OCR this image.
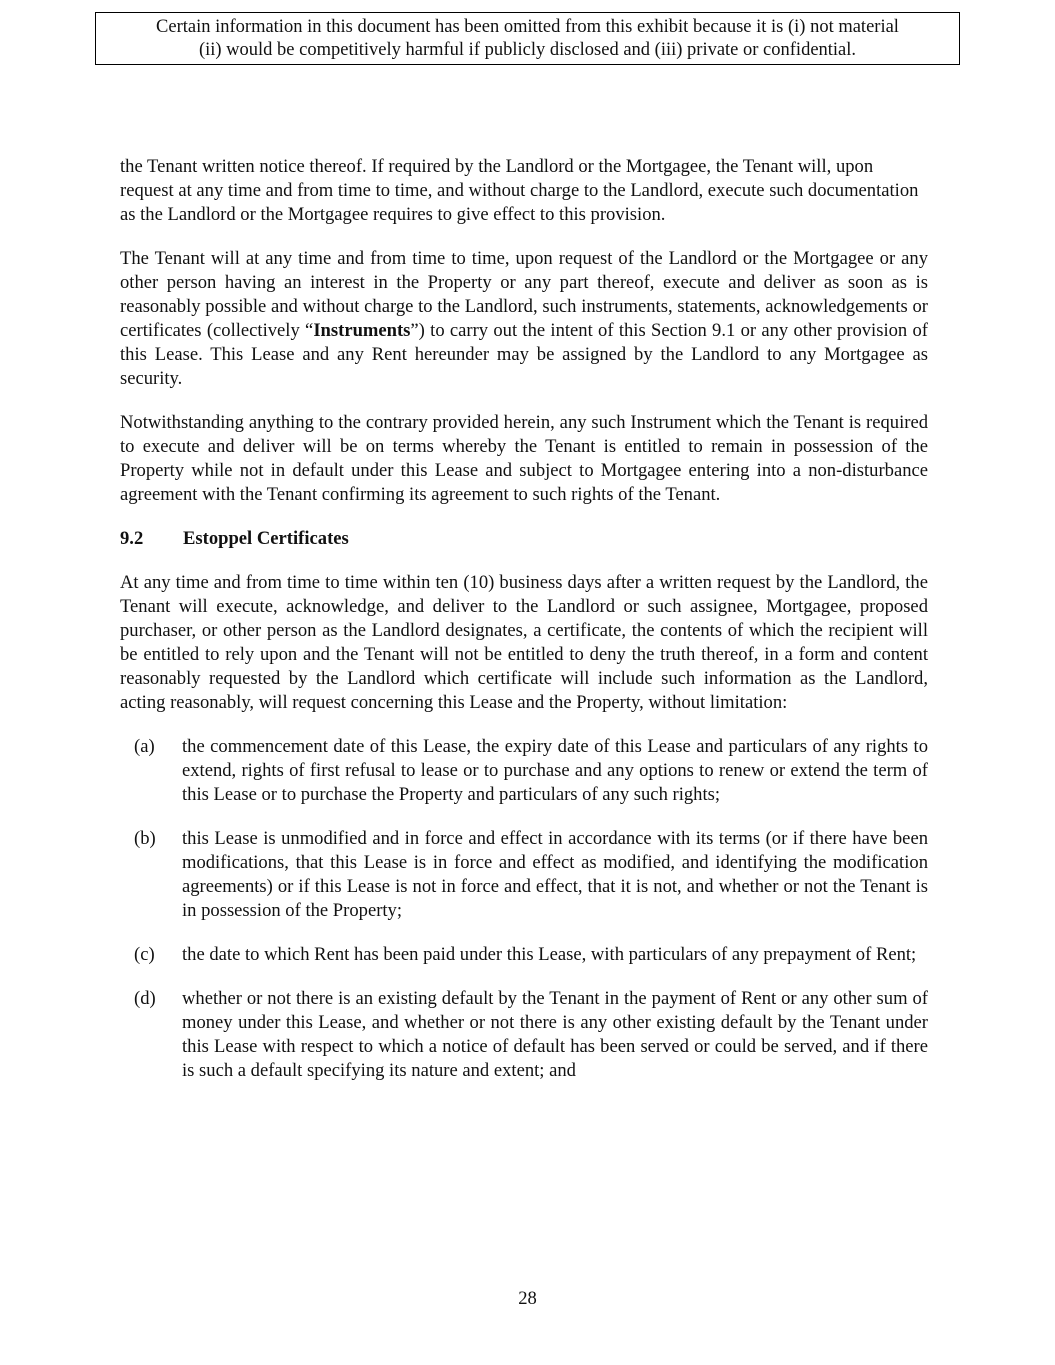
Certain information in this document has been omitted from this exhibit because it is (i) not material
(ii) would be competitively harmful if publicly disclosed and (iii) private or confidential.

the Tenant written notice thereof. If required by the Landlord or the Mortgagee, the Tenant will, upon request at any time and from time to time, and without charge to the Landlord, execute such documentation as the Landlord or the Mortgagee requires to give effect to this provision.

The Tenant will at any time and from time to time, upon request of the Landlord or the Mortgagee or any other person having an interest in the Property or any part thereof, execute and deliver as soon as is reasonably possible and without charge to the Landlord, such instruments, statements, acknowledgements or certificates (collectively “Instruments”) to carry out the intent of this Section 9.1 or any other provision of this Lease. This Lease and any Rent hereunder may be assigned by the Landlord to any Mortgagee as security.

Notwithstanding anything to the contrary provided herein, any such Instrument which the Tenant is required to execute and deliver will be on terms whereby the Tenant is entitled to remain in possession of the Property while not in default under this Lease and subject to Mortgagee entering into a non-disturbance agreement with the Tenant confirming its agreement to such rights of the Tenant.

9.2	Estoppel Certificates

At any time and from time to time within ten (10) business days after a written request by the Landlord, the Tenant will execute, acknowledge, and deliver to the Landlord or such assignee, Mortgagee, proposed purchaser, or other person as the Landlord designates, a certificate, the contents of which the recipient will be entitled to rely upon and the Tenant will not be entitled to deny the truth thereof, in a form and content reasonably requested by the Landlord which certificate will include such information as the Landlord, acting reasonably, will request concerning this Lease and the Property, without limitation:

(a)	the commencement date of this Lease, the expiry date of this Lease and particulars of any rights to extend, rights of first refusal to lease or to purchase and any options to renew or extend the term of this Lease or to purchase the Property and particulars of any such rights;
(b)	this Lease is unmodified and in force and effect in accordance with its terms (or if there have been modifications, that this Lease is in force and effect as modified, and identifying the modification agreements) or if this Lease is not in force and effect, that it is not, and whether or not the Tenant is in possession of the Property;
(c)	the date to which Rent has been paid under this Lease, with particulars of any prepayment of Rent;
(d)	whether or not there is an existing default by the Tenant in the payment of Rent or any other sum of money under this Lease, and whether or not there is any other existing default by the Tenant under this Lease with respect to which a notice of default has been served or could be served, and if there is such a default specifying its nature and extent; and
28
